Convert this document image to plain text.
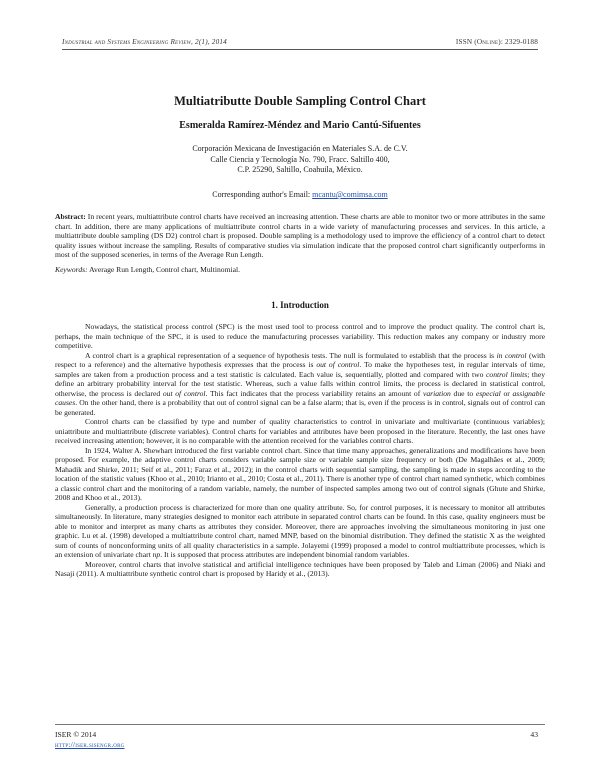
Industrial and Systems Engineering Review, 2(1), 2014	ISSN (Online): 2329-0188
Multiatributte Double Sampling Control Chart
Esmeralda Ramírez-Méndez and Mario Cantú-Sifuentes
Corporación Mexicana de Investigación en Materiales S.A. de C.V.
Calle Ciencia y Tecnología No. 790, Fracc. Saltillo 400,
C.P. 25290, Saltillo, Coahuila, México.
Corresponding author's Email: mcantu@comimsa.com
Abstract: In recent years, multiattribute control charts have received an increasing attention. These charts are able to monitor two or more attributes in the same chart. In addition, there are many applications of multiattribute control charts in a wide variety of manufacturing processes and services. In this article, a multiattribute double sampling (DS D2) control chart is proposed. Double sampling is a methodology used to improve the efficiency of a control chart to detect quality issues without increase the sampling. Results of comparative studies via simulation indicate that the proposed control chart significantly outperforms in most of the supposed sceneries, in terms of the Average Run Length.
Keywords: Average Run Length, Control chart, Multinomial.
1. Introduction

Nowadays, the statistical process control (SPC) is the most used tool to process control and to improve the product quality. The control chart is, perhaps, the main technique of the SPC, it is used to reduce the manufacturing processes variability. This reduction makes any company or industry more competitive.

A control chart is a graphical representation of a sequence of hypothesis tests. The null is formulated to establish that the process is in control (with respect to a reference) and the alternative hypothesis expresses that the process is out of control. To make the hypotheses test, in regular intervals of time, samples are taken from a production process and a test statistic is calculated. Each value is, sequentially, plotted and compared with two control limits; they define an arbitrary probability interval for the test statistic. Whereas, such a value falls within control limits, the process is declared in statistical control, otherwise, the process is declared out of control. This fact indicates that the process variability retains an amount of variation due to especial or assignable causes. On the other hand, there is a probability that out of control signal can be a false alarm; that is, even if the process is in control, signals out of control can be generated.

Control charts can be classified by type and number of quality characteristics to control in univariate and multivariate (continuous variables); uniattribute and multiattribute (discrete variables). Control charts for variables and attributes have been proposed in the literature. Recently, the last ones have received increasing attention; however, it is no comparable with the attention received for the variables control charts.

In 1924, Walter A. Shewhart introduced the first variable control chart. Since that time many approaches, generalizations and modifications have been proposed. For example, the adaptive control charts considers variable sample size or variable sample size frequency or both (De Magalhães et al., 2009; Mahadik and Shirke, 2011; Seif et al., 2011; Faraz et al., 2012); in the control charts with sequential sampling, the sampling is made in steps according to the location of the statistic values (Khoo et al., 2010; Irianto et al., 2010; Costa et al., 2011). There is another type of control chart named synthetic, which combines a classic control chart and the monitoring of a random variable, namely, the number of inspected samples among two out of control signals (Ghute and Shirke, 2008 and Khoo et al., 2013).

Generally, a production process is characterized for more than one quality attribute. So, for control purposes, it is necessary to monitor all attributes simultaneously. In literature, many strategies designed to monitor each attribute in separated control charts can be found. In this case, quality engineers must be able to monitor and interpret as many charts as attributes they consider. Moreover, there are approaches involving the simultaneous monitoring in just one graphic. Lu et al. (1998) developed a multiattribute control chart, named MNP, based on the binomial distribution. They defined the statistic X as the weighted sum of counts of nonconforming units of all quality characteristics in a sample. Jolayemi (1999) proposed a model to control multiattribute processes, which is an extension of univariate chart np. It is supposed that process attributes are independent binomial random variables.

Moreover, control charts that involve statistical and artificial intelligence techniques have been proposed by Taleb and Liman (2006) and Niaki and Nasaji (2011). A multiattribute synthetic control chart is proposed by Haridy et al., (2013).

ISER © 2014
http://iser.sisengr.org
43
